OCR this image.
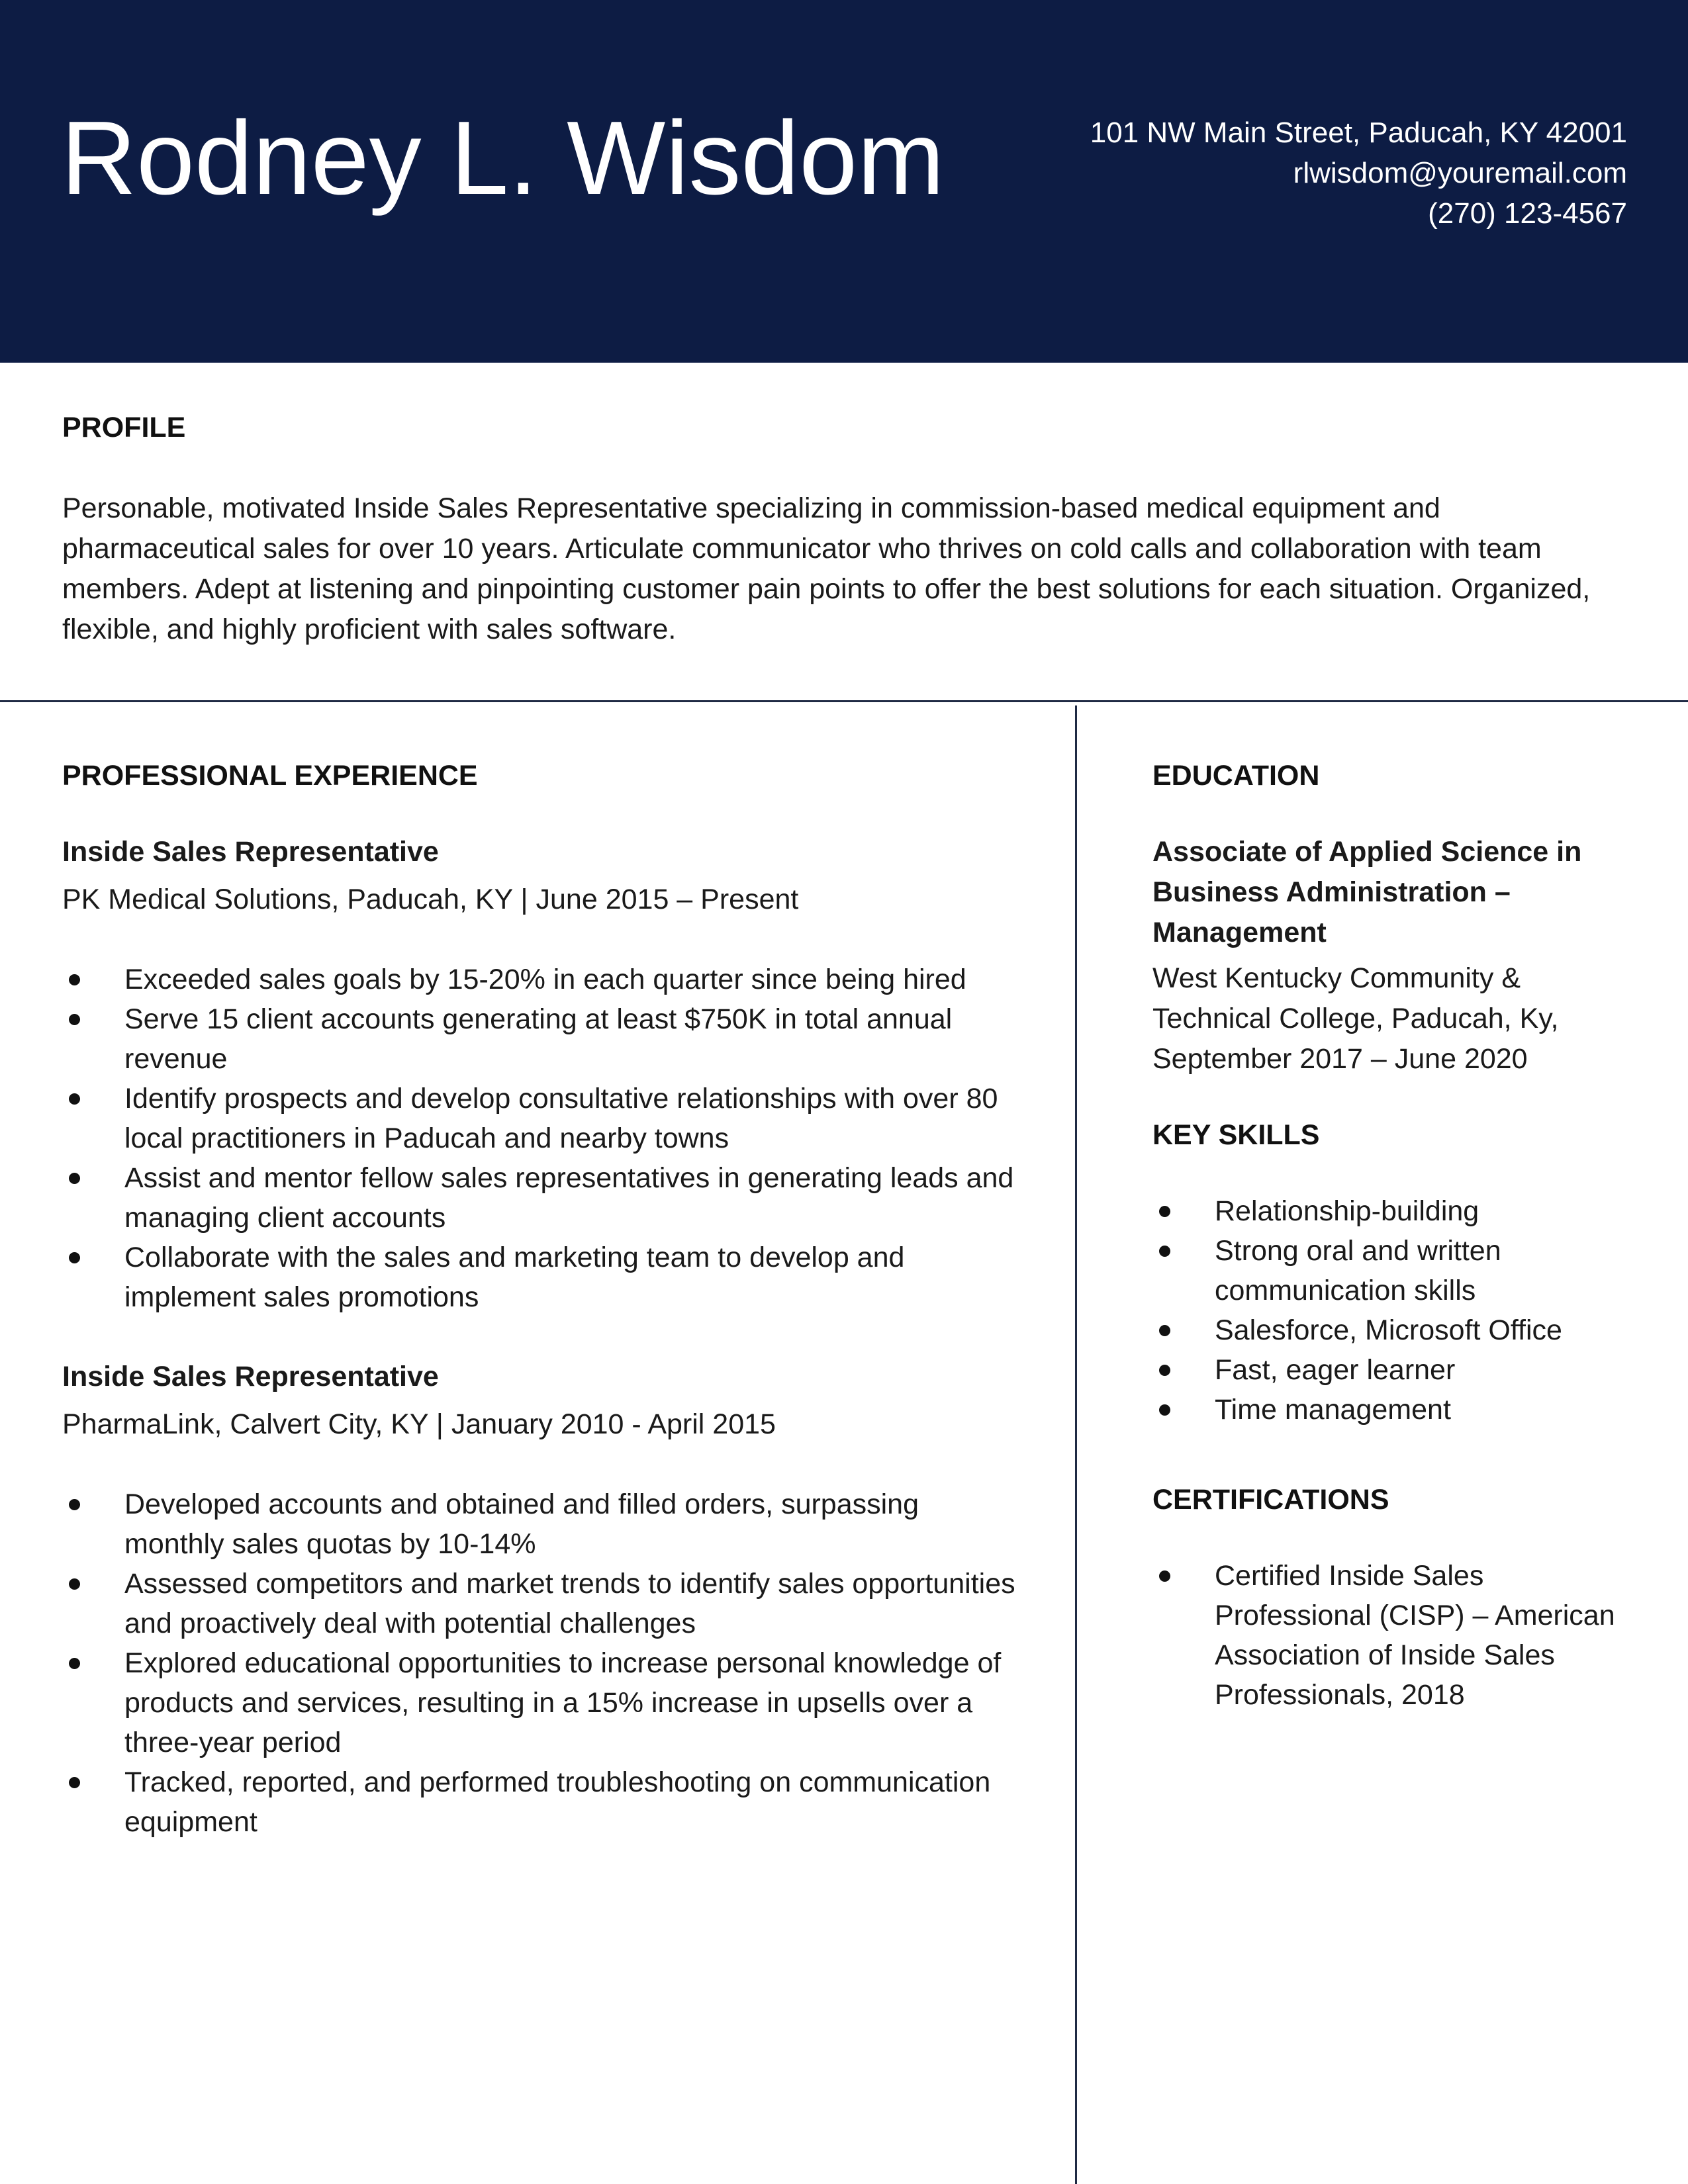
Rodney L. Wisdom	101 NW Main Street, Paducah, KY 42001
rlwisdom@youremail.com
(270) 123-4567
PROFILE

Personable, motivated Inside Sales Representative specializing in commission-based medical equipment and pharmaceutical sales for over 10 years. Articulate communicator who thrives on cold calls and collaboration with team members. Adept at listening and pinpointing customer pain points to offer the best solutions for each situation. Organized, flexible, and highly proficient with sales software.

PROFESSIONAL EXPERIENCE

Inside Sales Representative

PK Medical Solutions, Paducah, KY | June 2015 – Present

Exceeded sales goals by 15-20% in each quarter since being hired
Serve 15 client accounts generating at least $750K in total annual revenue
Identify prospects and develop consultative relationships with over 80 local practitioners in Paducah and nearby towns
Assist and mentor fellow sales representatives in generating leads and managing client accounts
Collaborate with the sales and marketing team to develop and implement sales promotions

Inside Sales Representative

PharmaLink, Calvert City, KY | January 2010 - April 2015

Developed accounts and obtained and filled orders, surpassing monthly sales quotas by 10-14%
Assessed competitors and market trends to identify sales opportunities and proactively deal with potential challenges
Explored educational opportunities to increase personal knowledge of products and services, resulting in a 15% increase in upsells over a three-year period
Tracked, reported, and performed troubleshooting on communication equipment
EDUCATION

Associate of Applied Science in Business Administration – Management

West Kentucky Community & Technical College, Paducah, Ky, September 2017 – June 2020

KEY SKILLS
Relationship-building
Strong oral and written communication skills
Salesforce, Microsoft Office
Fast, eager learner
Time management
CERTIFICATIONS
Certified Inside Sales Professional (CISP) – American Association of Inside Sales Professionals, 2018
